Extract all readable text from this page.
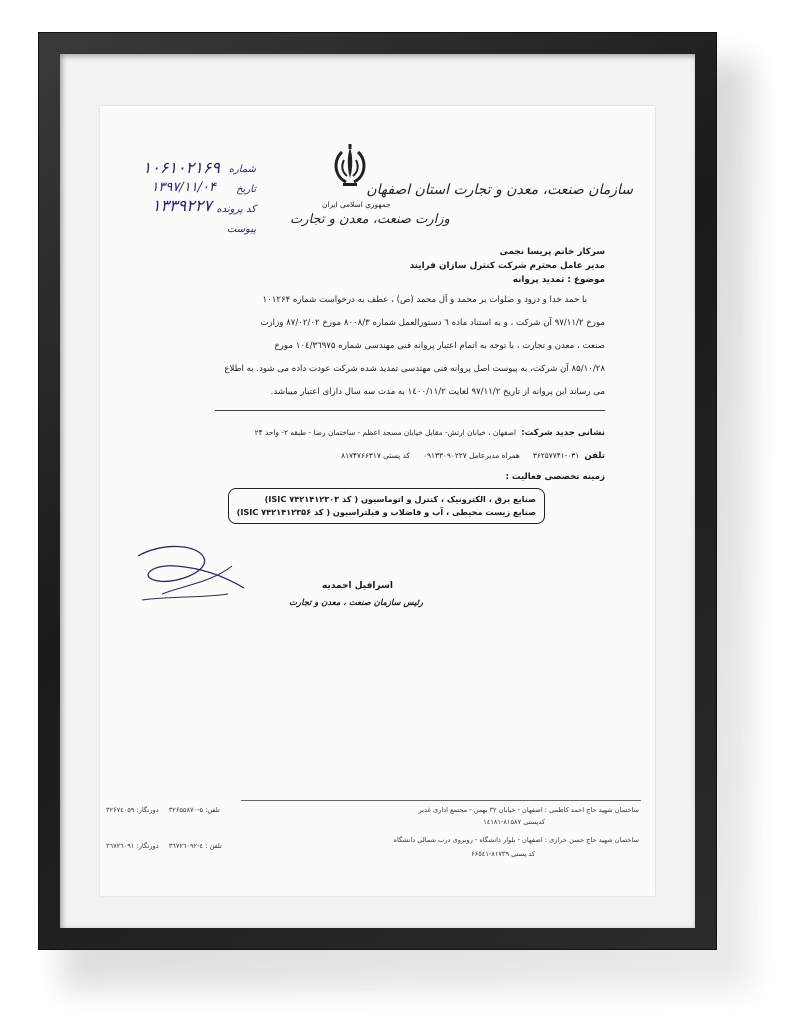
سازمان صنعت، معدن و تجارت استان اصفهان
جمهوری اسلامی ایران
وزارت صنعت، معدن و تجارت
شماره
تاریخ
کد پرونده
پیوست
۱۰۶۱۰۲۱۶۹
۱۳۹۷/۱۱/۰۴
۱۳۳۹۲۲۷
سرکار خانم پریسا نجمی
مدیر عامل محترم شرکت کنترل سازان فرایند
موضوع : تمدید پروانه
با حمد خدا و درود و صلوات بر محمد و آل محمد (ص) ، عطف به درخواست شماره ۱۰۱۲۶۴
مورخ ۹۷/۱۱/۲ آن شرکت ، و به استناد ماده ٦ دستورالعمل شماره ۸۰۰۸/۳ مورخ ۸۷/۰۲/۰۲ وزارت
صنعت ، معدن و تجارت ، با توجه به اتمام اعتبار پروانه فنی مهندسی شماره ۱۰٤/۳٦۹۷۵ مورخ
۸۵/۱۰/۲۸ آن شرکت، به پیوست اصل پروانه فنی مهندسی تمدید شده شرکت عودت داده می شود. به اطلاع
می رساند این پروانه از تاریخ ۹۷/۱۱/۲ لغایت ۱٤۰۰/۱۱/۲ به مدت سه سال دارای اعتبار میباشد.
نشانی جدید شرکت: اصفهان ، خیابان ارتش- مقابل خیابان مسجد اعظم - ساختمان رضا - طبقه ۲- واحد ۲۴
تلفن ۰۳۱-۳۶۲۵۷۷۴۱ همراه مدیرعامل ۰۹۱۳۳۰۹۰۲۲۷ کد پستی ۸۱۷۴۷۶۶۳۱۷
زمینه تخصصی فعالیت :
صنایع برق ، الکترونیک ، کنترل و اتوماسیون ( کد ISIC ۷۴۲۱۴۱۲۳۰۳)
صنایع زیست محیطی ، آب و فاضلاب و فیلتراسیون ( کد ISIC ۷۴۲۱۴۱۲۳۵۶)
اسرافیل احمدیه
رئیس سازمان صنعت ، معدن و تجارت
ساختمان شهید حاج احمد کاظمی : اصفهان - خیابان ۳۲ بهمن - مجتمع اداری غدیر
تلفن: ۵-۳۲۶۵۵۸۷۰ دورنگار: ۳۲۶۷٤۰۵۹
کدپستی ۸۱۵۸۷-۱٤۱۸۱
ساختمان شهید حاج حسن خرازی : اصفهان - بلوار دانشگاه - روبروی درب شمالی دانشگاه
تلفن : ٤-۳٦۷۲٦۰۹۲ دورنگار: ۳٦۷۲٦۰۹۱
کد پستی ۸۱۷۳۹-۶۶٥٤۱
